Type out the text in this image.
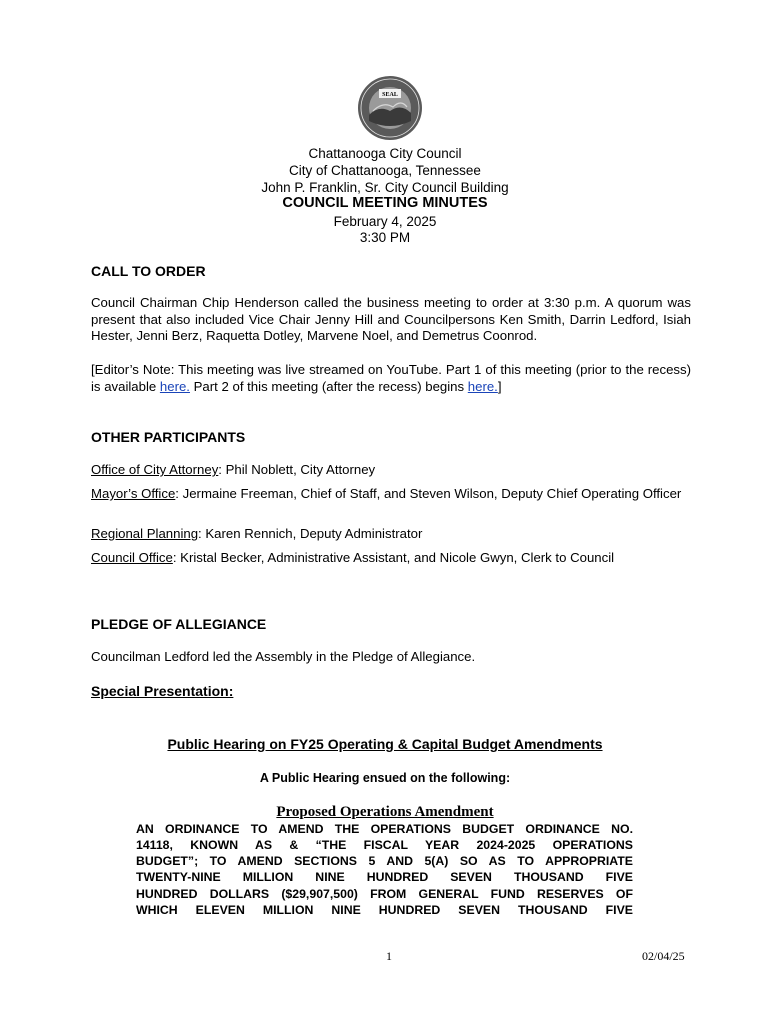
SEAL
Chattanooga City Council
City of Chattanooga, Tennessee
John P. Franklin, Sr. City Council Building
COUNCIL MEETING MINUTES
February 4, 2025
3:30 PM
CALL TO ORDER
Council Chairman Chip Henderson called the business meeting to order at 3:30 p.m. A quorum was present that also included Vice Chair Jenny Hill and Councilpersons Ken Smith, Darrin Ledford, Isiah Hester, Jenni Berz, Raquetta Dotley, Marvene Noel, and Demetrus Coonrod.
[Editor’s Note: This meeting was live streamed on YouTube. Part 1 of this meeting (prior to the recess) is available here. Part 2 of this meeting (after the recess) begins here.]
OTHER PARTICIPANTS
Office of City Attorney: Phil Noblett, City Attorney
Mayor’s Office: Jermaine Freeman, Chief of Staff, and Steven Wilson, Deputy Chief Operating Officer
Regional Planning: Karen Rennich, Deputy Administrator
Council Office: Kristal Becker, Administrative Assistant, and Nicole Gwyn, Clerk to Council
PLEDGE OF ALLEGIANCE
Councilman Ledford led the Assembly in the Pledge of Allegiance.
Special Presentation:
Public Hearing on FY25 Operating & Capital Budget Amendments
A Public Hearing ensued on the following:
Proposed Operations Amendment
AN ORDINANCE TO AMEND THE OPERATIONS BUDGET ORDINANCE NO.
14118, KNOWN AS & “THE FISCAL YEAR 2024-2025 OPERATIONS
BUDGET”; TO AMEND SECTIONS 5 AND 5(A) SO AS TO APPROPRIATE
TWENTY-NINE MILLION NINE HUNDRED SEVEN THOUSAND FIVE
HUNDRED DOLLARS ($29,907,500) FROM GENERAL FUND RESERVES OF
WHICH ELEVEN MILLION NINE HUNDRED SEVEN THOUSAND FIVE
1	02/04/25
